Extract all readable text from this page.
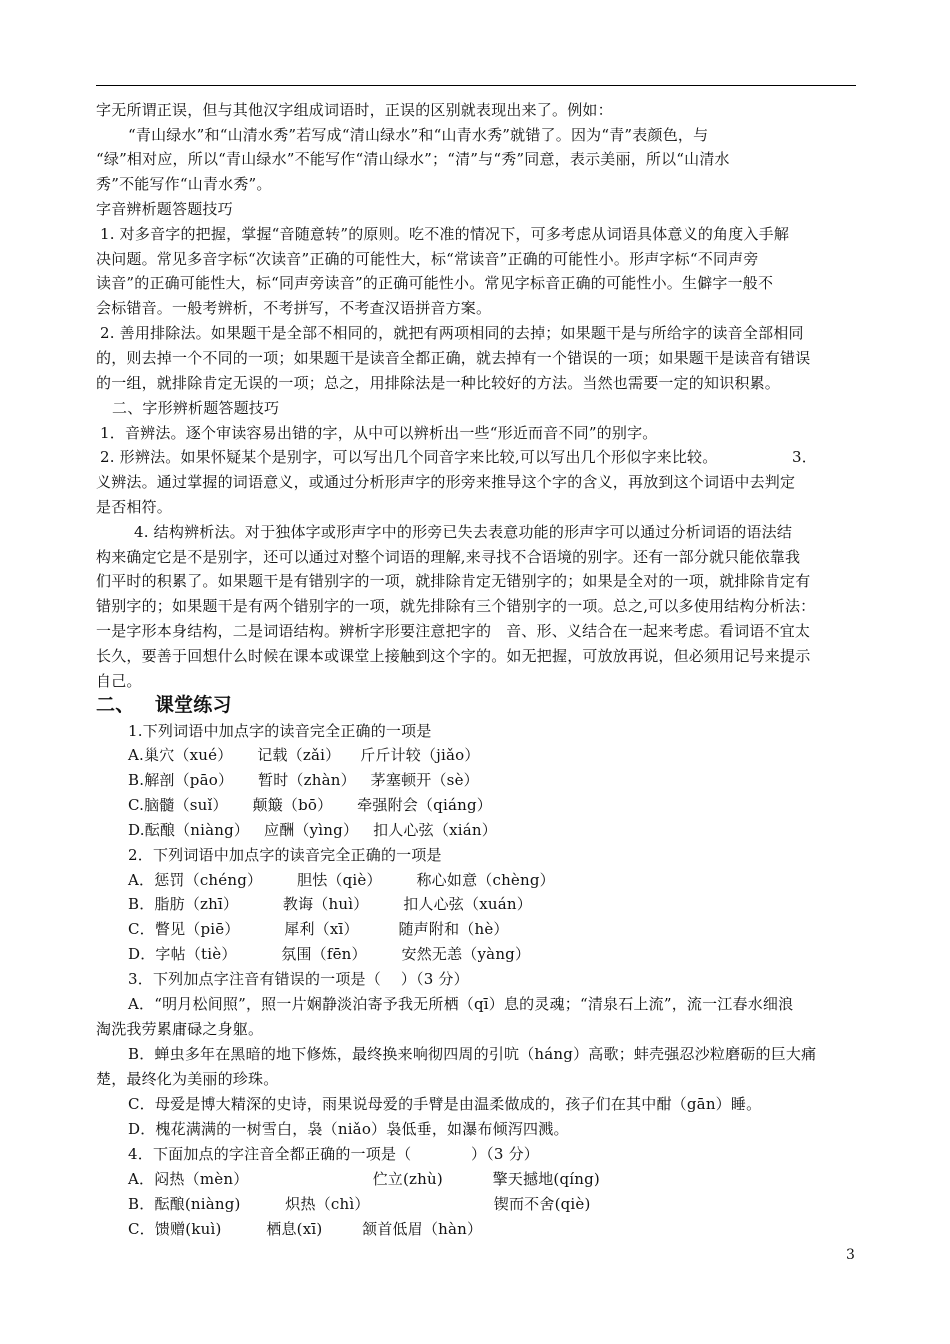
字无所谓正误，但与其他汉字组成词语时，正误的区别就表现出来了。例如：
“青山绿水”和“山清水秀”若写成“清山绿水”和“山青水秀”就错了。因为“青”表颜色，与
“绿”相对应，所以“青山绿水”不能写作“清山绿水”；“清”与“秀”同意，表示美丽，所以“山清水
秀”不能写作“山青水秀”。
字音辨析题答题技巧
1. 对多音字的把握，掌握“音随意转”的原则。吃不准的情况下，可多考虑从词语具体意义的角度入手解
决问题。常见多音字标“次读音”正确的可能性大，标“常读音”正确的可能性小。形声字标“不同声旁
读音”的正确可能性大，标“同声旁读音”的正确可能性小。常见字标音正确的可能性小。生僻字一般不
会标错音。一般考辨析，不考拼写，不考查汉语拼音方案。
2. 善用排除法。如果题干是全部不相同的，就把有两项相同的去掉；如果题干是与所给字的读音全部相同
的，则去掉一个不同的一项；如果题干是读音全都正确，就去掉有一个错误的一项；如果题干是读音有错误
的一组，就排除肯定无误的一项；总之，用排除法是一种比较好的方法。当然也需要一定的知识积累。
二、字形辨析题答题技巧
1．音辨法。逐个审读容易出错的字，从中可以辨析出一些“形近而音不同”的别字。
2. 形辨法。如果怀疑某个是别字，可以写出几个同音字来比较,可以写出几个形似字来比较。               3．
义辨法。通过掌握的词语意义，或通过分析形声字的形旁来推导这个字的含义，再放到这个词语中去判定
是否相符。
4. 结构辨析法。对于独体字或形声字中的形旁已失去表意功能的形声字可以通过分析词语的语法结
构来确定它是不是别字，还可以通过对整个词语的理解,来寻找不合语境的别字。还有一部分就只能依靠我
们平时的积累了。如果题干是有错别字的一项，就排除肯定无错别字的；如果是全对的一项，就排除肯定有
错别字的；如果题干是有两个错别字的一项，就先排除有三个错别字的一项。总之,可以多使用结构分析法：
一是字形本身结构，二是词语结构。辨析字形要注意把字的   音、形、义结合在一起来考虑。看词语不宜太
长久，要善于回想什么时候在课本或课堂上接触到这个字的。如无把握，可放放再说，但必须用记号来提示
自己。
二、   课堂练习
1.下列词语中加点字的读音完全正确的一项是
A.巢穴（xué）     记载（zǎi）    斤斤计较（jiǎo）
B.解剖（pāo）     暂时（zhàn）   茅塞顿开（sè）
C.脑髓（suǐ）     颠簸（bō）     牵强附会（qiáng）
D.酝酿（niàng）   应酬（yìng）   扣人心弦（xián）
2．下列词语中加点字的读音完全正确的一项是
A．惩罚（chéng）       胆怯（qiè）       称心如意（chèng）
B．脂肪（zhī）         教诲（huì）       扣人心弦（xuán）
C．瞥见（piē）         犀利（xī）        随声附和（hè）
D．字帖（tiè）         氛围（fēn）       安然无恙（yàng）
3．下列加点字注音有错误的一项是（    ）（3 分）
A．“明月松间照”，照一片娴静淡泊寄予我无所栖（qī）息的灵魂；“清泉石上流”，流一江春水细浪
淘洗我劳累庸碌之身躯。
B．蝉虫多年在黑暗的地下修炼，最终换来响彻四周的引吭（háng）高歌；蚌壳强忍沙粒磨砺的巨大痛
楚，最终化为美丽的珍珠。
C．母爱是博大精深的史诗，雨果说母爱的手臂是由温柔做成的，孩子们在其中酣（gān）睡。
D．槐花满满的一树雪白，袅（niǎo）袅低垂，如瀑布倾泻四溅。
4．下面加点的字注音全都正确的一项是（            ）（3 分）
A．闷热（mèn）                         伫立(zhù)          擎天撼地(qíng)
B．酝酿(niàng)         炽热（chì）                         锲而不舍(qiè)
C．馈赠(kuì)         栖息(xī)        颔首低眉（hàn）
3
